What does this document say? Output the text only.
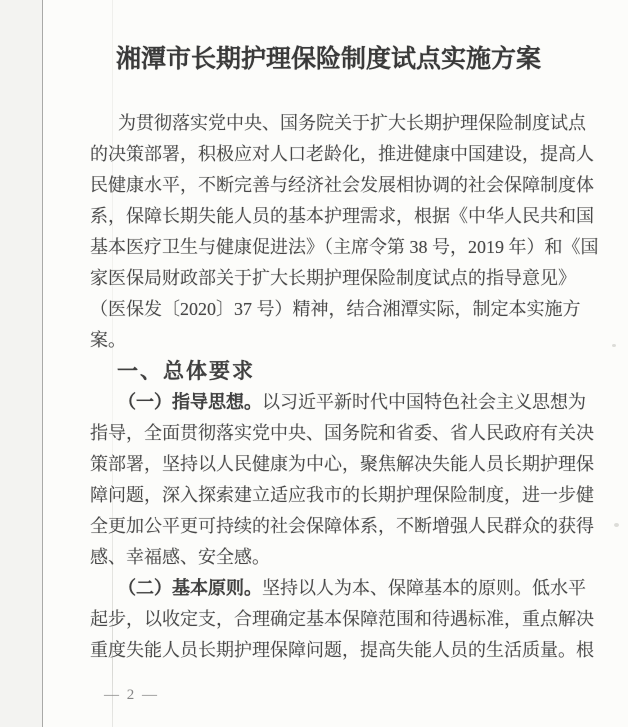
湘潭市长期护理保险制度试点实施方案
为贯彻落实党中央、国务院关于扩大长期护理保险制度试点
的决策部署，积极应对人口老龄化，推进健康中国建设，提高人
民健康水平，不断完善与经济社会发展相协调的社会保障制度体
系，保障长期失能人员的基本护理需求，根据《中华人民共和国
基本医疗卫生与健康促进法》（主席令第 38 号，2019 年）和《国
家医保局财政部关于扩大长期护理保险制度试点的指导意见》
（医保发〔2020〕37 号）精神，结合湘潭实际，制定本实施方
案。
一、总体要求
（一）指导思想。以习近平新时代中国特色社会主义思想为
指导，全面贯彻落实党中央、国务院和省委、省人民政府有关决
策部署，坚持以人民健康为中心，聚焦解决失能人员长期护理保
障问题，深入探索建立适应我市的长期护理保险制度，进一步健
全更加公平更可持续的社会保障体系，不断增强人民群众的获得
感、幸福感、安全感。
（二）基本原则。坚持以人为本、保障基本的原则。低水平
起步，以收定支，合理确定基本保障范围和待遇标准，重点解决
重度失能人员长期护理保障问题，提高失能人员的生活质量。根
— 2 —
